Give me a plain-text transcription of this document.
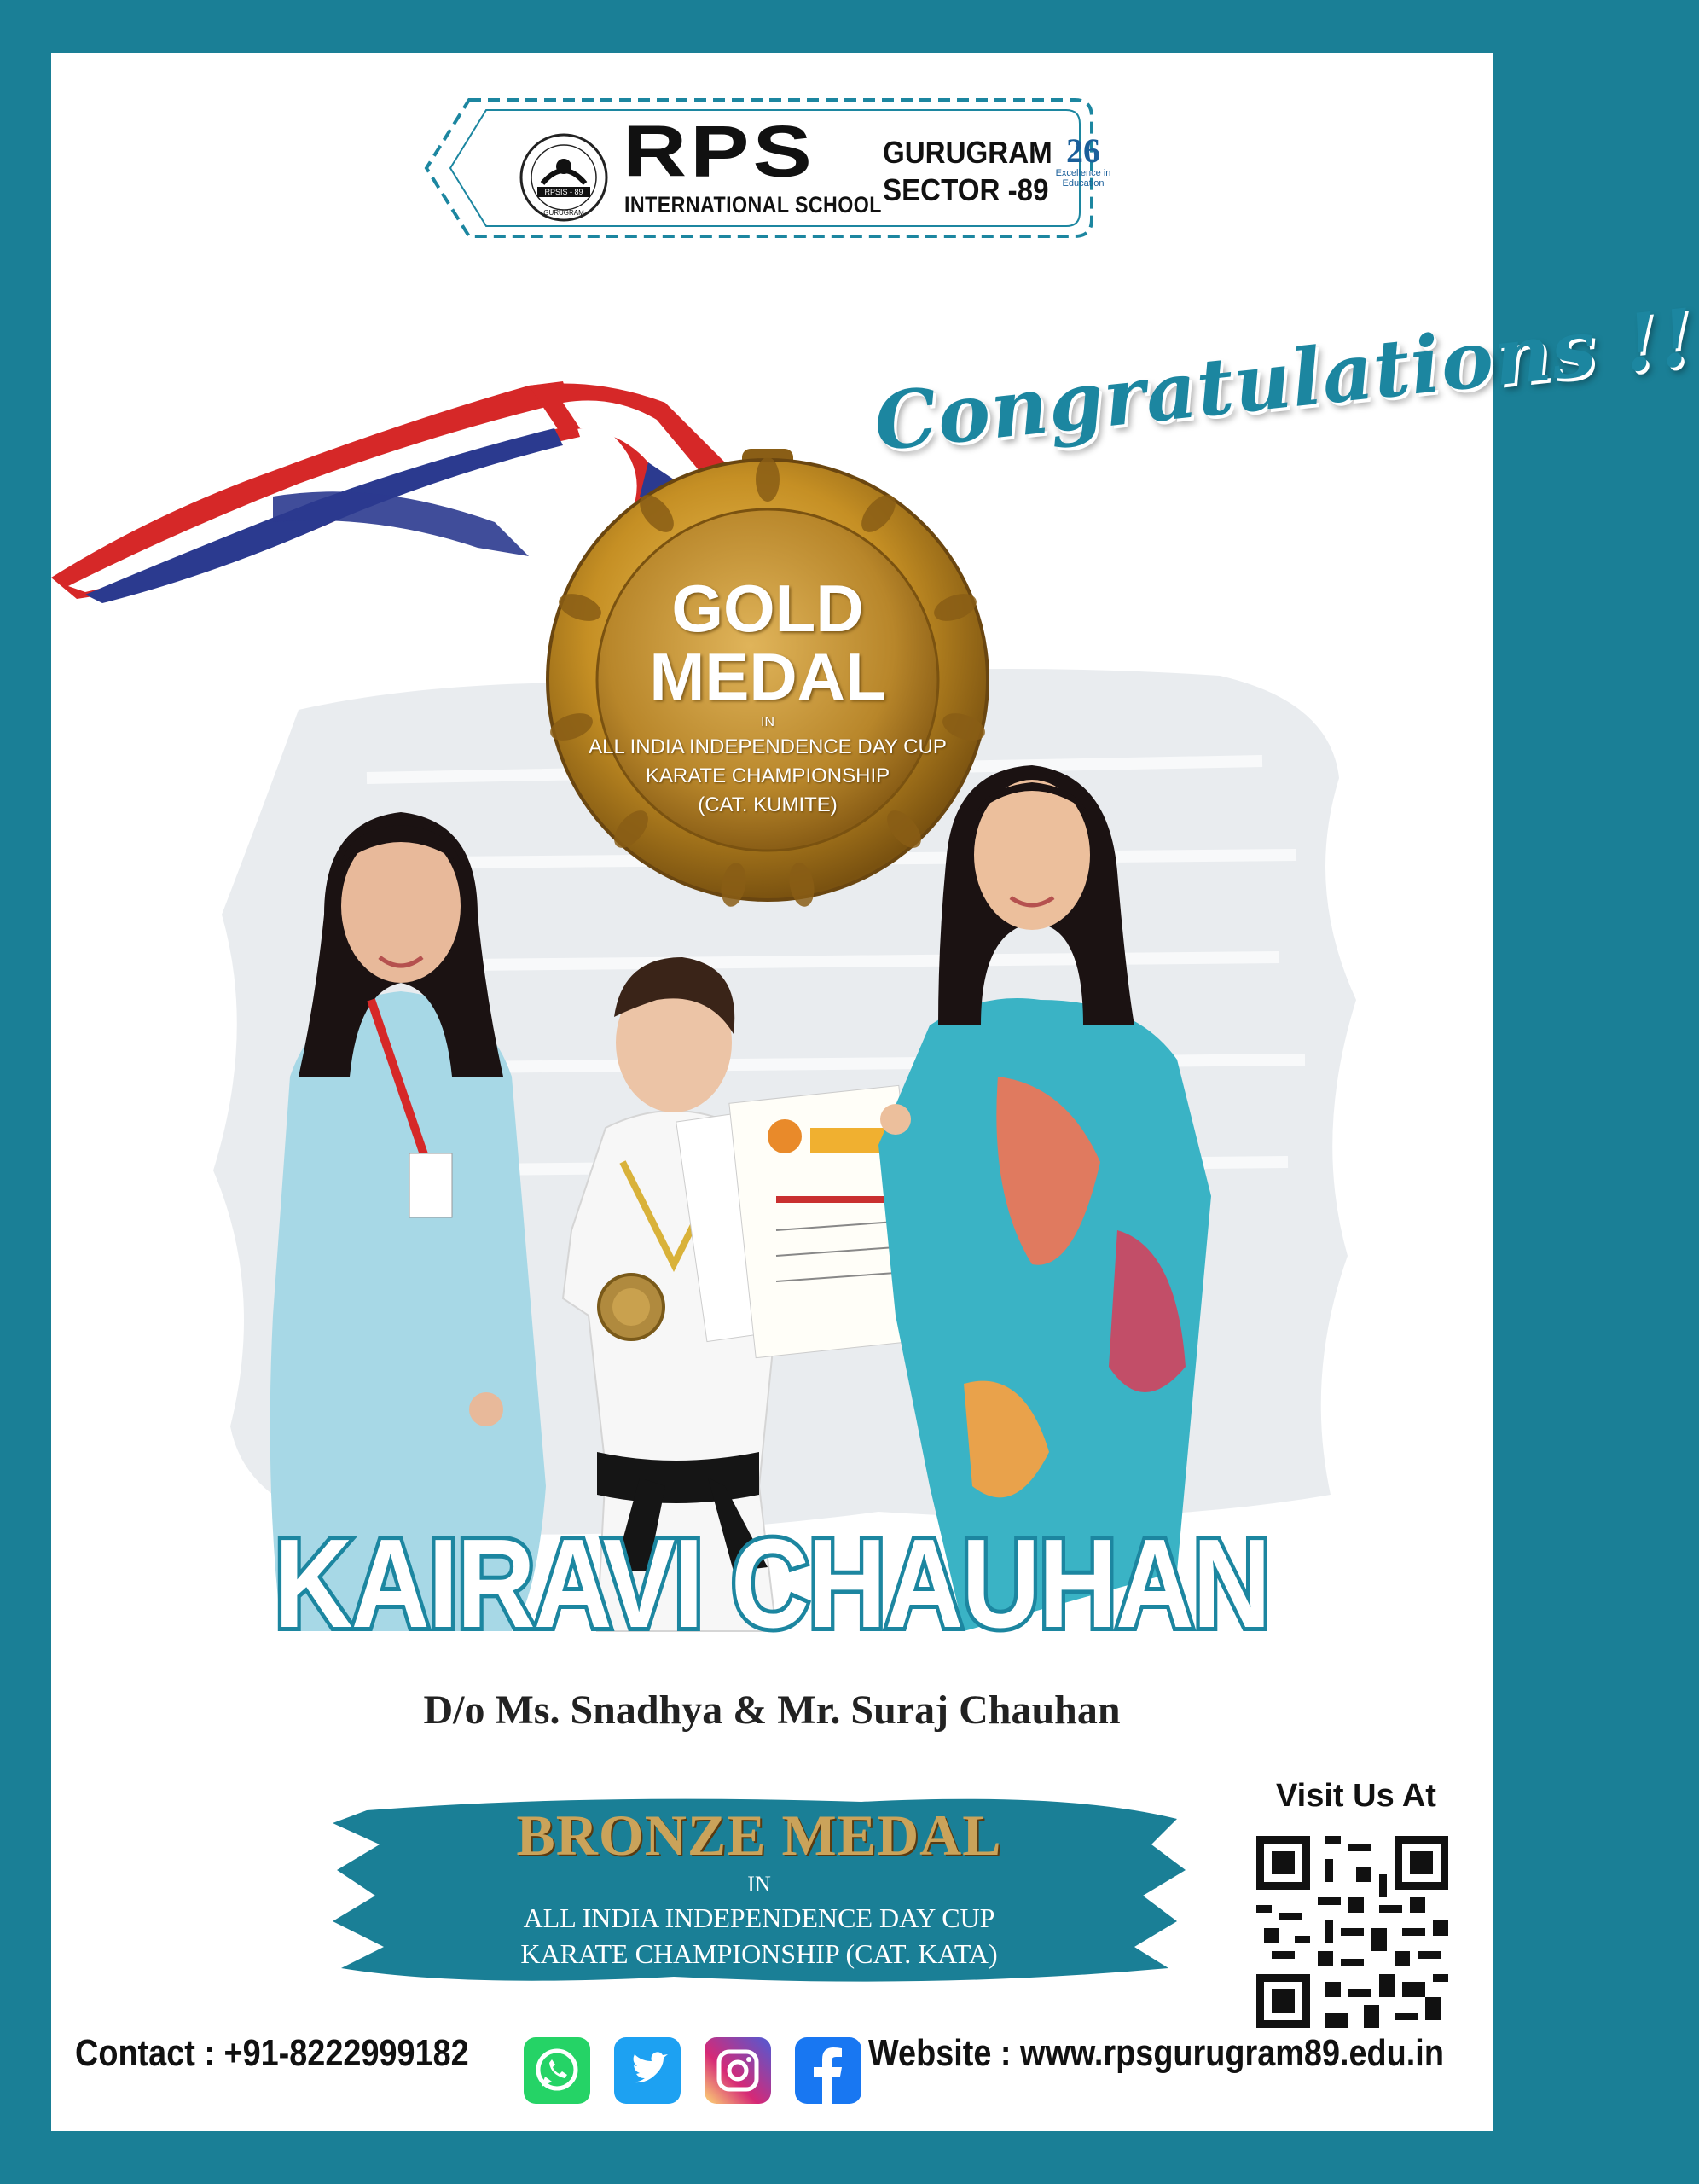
RPSIS - 89
GURUGRAM
RPS
INTERNATIONAL SCHOOL
GURUGRAM
SECTOR -89
26
Excellence in Education
Congratulations !!
GOLD
MEDAL
IN
ALL INDIA INDEPENDENCE DAY CUP
KARATE CHAMPIONSHIP
(CAT. KUMITE)
KAIRAVI CHAUHAN
D/o Ms. Snadhya & Mr. Suraj Chauhan
BRONZE MEDAL
IN
ALL INDIA INDEPENDENCE DAY CUP
KARATE CHAMPIONSHIP (CAT. KATA)
Visit Us At
Contact : +91-8222999182	Website : www.rpsgurugram89.edu.in
